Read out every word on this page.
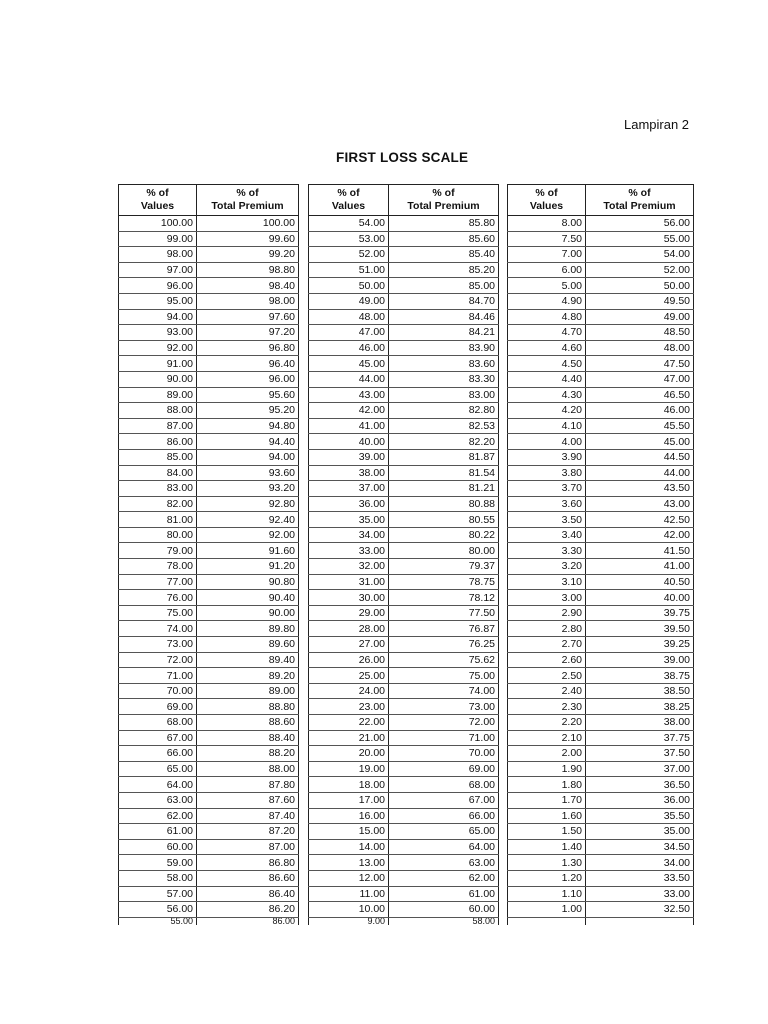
Lampiran 2
FIRST LOSS SCALE
% of
Values	% of
Total Premium
100.00	100.00
99.00	99.60
98.00	99.20
97.00	98.80
96.00	98.40
95.00	98.00
94.00	97.60
93.00	97.20
92.00	96.80
91.00	96.40
90.00	96.00
89.00	95.60
88.00	95.20
87.00	94.80
86.00	94.40
85.00	94.00
84.00	93.60
83.00	93.20
82.00	92.80
81.00	92.40
80.00	92.00
79.00	91.60
78.00	91.20
77.00	90.80
76.00	90.40
75.00	90.00
74.00	89.80
73.00	89.60
72.00	89.40
71.00	89.20
70.00	89.00
69.00	88.80
68.00	88.60
67.00	88.40
66.00	88.20
65.00	88.00
64.00	87.80
63.00	87.60
62.00	87.40
61.00	87.20
60.00	87.00
59.00	86.80
58.00	86.60
57.00	86.40
56.00	86.20
55.00	86.00
% of
Values	% of
Total Premium
54.00	85.80
53.00	85.60
52.00	85.40
51.00	85.20
50.00	85.00
49.00	84.70
48.00	84.46
47.00	84.21
46.00	83.90
45.00	83.60
44.00	83.30
43.00	83.00
42.00	82.80
41.00	82.53
40.00	82.20
39.00	81.87
38.00	81.54
37.00	81.21
36.00	80.88
35.00	80.55
34.00	80.22
33.00	80.00
32.00	79.37
31.00	78.75
30.00	78.12
29.00	77.50
28.00	76.87
27.00	76.25
26.00	75.62
25.00	75.00
24.00	74.00
23.00	73.00
22.00	72.00
21.00	71.00
20.00	70.00
19.00	69.00
18.00	68.00
17.00	67.00
16.00	66.00
15.00	65.00
14.00	64.00
13.00	63.00
12.00	62.00
11.00	61.00
10.00	60.00
9.00	58.00
% of
Values	% of
Total Premium
8.00	56.00
7.50	55.00
7.00	54.00
6.00	52.00
5.00	50.00
4.90	49.50
4.80	49.00
4.70	48.50
4.60	48.00
4.50	47.50
4.40	47.00
4.30	46.50
4.20	46.00
4.10	45.50
4.00	45.00
3.90	44.50
3.80	44.00
3.70	43.50
3.60	43.00
3.50	42.50
3.40	42.00
3.30	41.50
3.20	41.00
3.10	40.50
3.00	40.00
2.90	39.75
2.80	39.50
2.70	39.25
2.60	39.00
2.50	38.75
2.40	38.50
2.30	38.25
2.20	38.00
2.10	37.75
2.00	37.50
1.90	37.00
1.80	36.50
1.70	36.00
1.60	35.50
1.50	35.00
1.40	34.50
1.30	34.00
1.20	33.50
1.10	33.00
1.00	32.50
